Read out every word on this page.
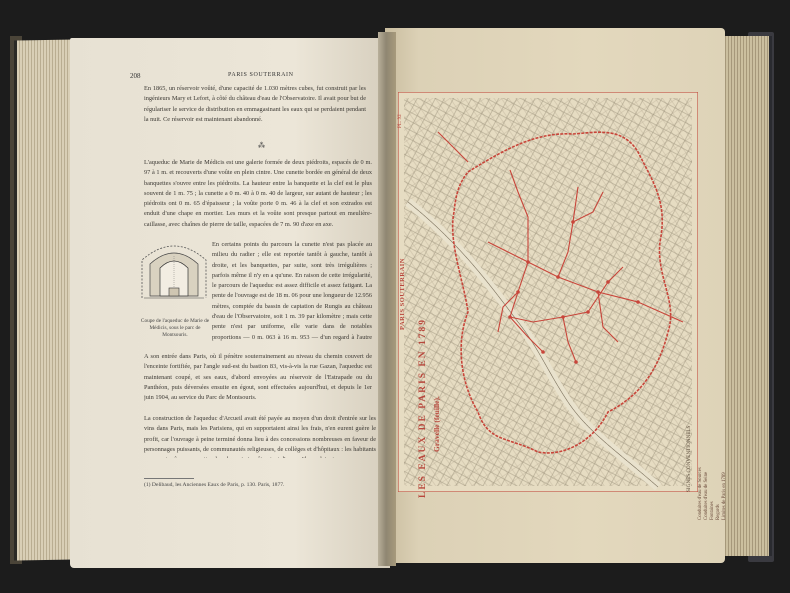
208	PARIS SOUTERRAIN
En 1865, un réservoir voûté, d'une capacité de 1.030 mètres cubes, fut construit par les ingénieurs Mary et Lefort, à côté du château d'eau de l'Observatoire. Il avait pour but de régulariser le service de distribution en emmagasinant les eaux qui se perdaient pendant la nuit. Ce réservoir est maintenant abandonné.
⁂
L'aqueduc de Marie de Médicis est une galerie formée de deux piédroits, espacés de 0 m. 97 à 1 m. et recouverts d'une voûte en plein cintre. Une cunette bordée en général de deux banquettes s'ouvre entre les piédroits. La hauteur entre la banquette et la clef est le plus souvent de 1 m. 75 ; la cunette a 0 m. 40 à 0 m. 40 de largeur, sur autant de hauteur ; les piédroits ont 0 m. 65 d'épaisseur ; la voûte porte 0 m. 46 à la clef et son extrados est enduit d'une chape en mortier. Les murs et la voûte sont presque partout en meulière-caillasse, avec chaînes de pierre de taille, espacées de 7 m. 90 d'axe en axe.
Coupe de l'aqueduc de Marie de Médicis, sous le parc de Montsouris.
En certains points du parcours la cunette n'est pas placée au milieu du radier ; elle est reportée tantôt à gauche, tantôt à droite, et les banquettes, par suite, sont très irrégulières ; parfois même il n'y en a qu'une. En raison de cette irrégularité, le parcours de l'aqueduc est assez difficile et assez fatigant. La pente de l'ouvrage est de 18 m. 06 pour une longueur de 12.956 mètres, comptée du bassin de captation de Rungis au château d'eau de l'Observatoire, soit 1 m. 39 par kilomètre ; mais cette pente n'est par uniforme, elle varie dans de notables proportions — 0 m. 063 à 16 m. 953 — d'un regard à l'autre
A son entrée dans Paris, où il pénètre souterrainement au niveau du chemin couvert de l'enceinte fortifiée, par l'angle sud-est du bastion 83, vis-à-vis la rue Gazan, l'aqueduc est maintenant coupé, et ses eaux, d'abord envoyées au réservoir de l'Estrapade ou du Panthéon, puis déversées ensuite en égout, sont effectuées aujourd'hui, et depuis le 1er juin 1904, au service du Parc de Montsouris.
La construction de l'aqueduc d'Arcueil avait été payée au moyen d'un droit d'entrée sur les vins dans Paris, mais les Parisiens, qui en supportaient ainsi les frais, n'en eurent guère le profit, car l'ouvrage à peine terminé donna lieu à des concessions nombreuses en faveur de personnages puissants, de communautés religieuses, de collèges et d'hôpitaux : les habitants
(1) Delibaud, les Anciennes Eaux de Paris, p. 130. Paris, 1877.
PL. XI
PARIS SOUTERRAIN
LES EAUX DE PARIS EN 1789 Gravelle (feuille).
SIGNES CONVENTIONNELS
Conduites d'eau de Sources Conduites d'eau de Seine Fontaines Regards Limites de Paris en 1789
